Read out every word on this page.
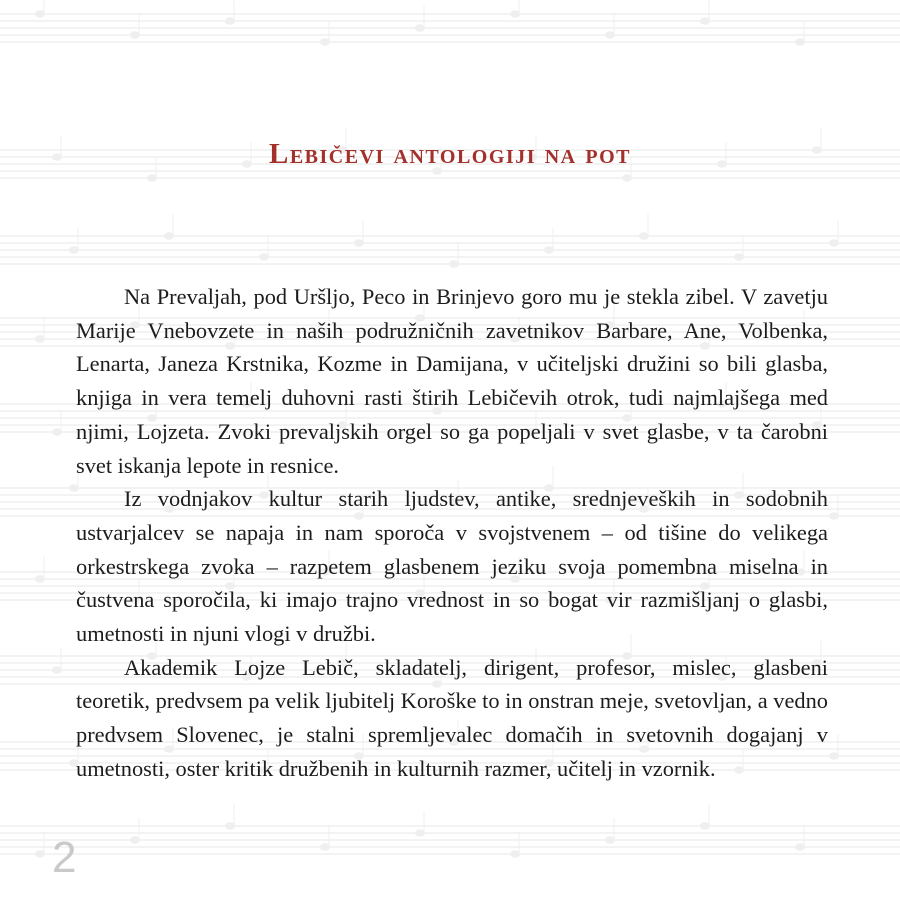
Lebičevi antologiji na pot

Na Prevaljah, pod Uršljo, Peco in Brinjevo goro mu je stekla zibel. V zavetju Marije Vnebovzete in naših podružničnih zavetnikov Barbare, Ane, Volbenka, Lenarta, Janeza Krstnika, Kozme in Damijana, v učiteljski družini so bili glasba, knjiga in vera temelj duhovni rasti štirih Lebičevih otrok, tudi najmlajšega med njimi, Lojzeta. Zvoki prevaljskih orgel so ga popeljali v svet glasbe, v ta čarobni svet iskanja lepote in resnice.

Iz vodnjakov kultur starih ljudstev, antike, srednjeveških in sodobnih ustvarjalcev se napaja in nam sporoča v svojstvenem – od tišine do velikega orkestrskega zvoka – razpetem glasbenem jeziku svoja pomembna miselna in čustvena sporočila, ki imajo trajno vrednost in so bogat vir razmišljanj o glasbi, umetnosti in njuni vlogi v družbi.

Akademik Lojze Lebič, skladatelj, dirigent, profesor, mislec, glasbeni teoretik, predvsem pa velik ljubitelj Koroške to in onstran meje, svetovljan, a vedno predvsem Slovenec, je stalni spremljevalec domačih in svetovnih dogajanj v umetnosti, oster kritik družbenih in kulturnih razmer, učitelj in vzornik.

2
